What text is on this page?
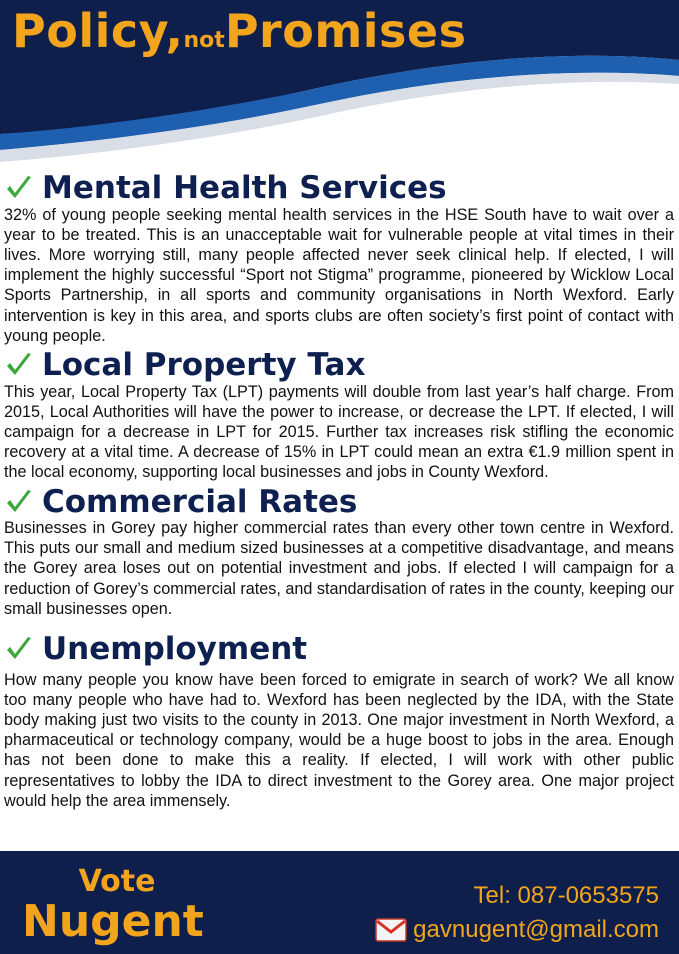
Policy,notPromises
Mental Health Services

32% of young people seeking mental health services in the HSE South have to wait over a year to be treated. This is an unacceptable wait for vulnerable people at vital times in their lives. More worrying still, many people affected never seek clinical help. If elected, I will implement the highly successful “Sport not Stigma” programme, pioneered by Wicklow Local Sports Partnership, in all sports and community organisations in North Wexford. Early intervention is key in this area, and sports clubs are often society’s first point of contact with young people.

Local Property Tax

This year, Local Property Tax (LPT) payments will double from last year’s half charge. From 2015, Local Authorities will have the power to increase, or decrease the LPT. If elected, I will campaign for a decrease in LPT for 2015. Further tax increases risk stifling the economic recovery at a vital time. A decrease of 15% in LPT could mean an extra €1.9 million spent in the local economy, supporting local businesses and jobs in County Wexford.

Commercial Rates

Businesses in Gorey pay higher commercial rates than every other town centre in Wexford. This puts our small and medium sized businesses at a competitive disadvantage, and means the Gorey area loses out on potential investment and jobs. If elected I will campaign for a reduction of Gorey’s commercial rates, and standardisation of rates in the county, keeping our small businesses open.

Unemployment

How many people you know have been forced to emigrate in search of work? We all know too many people who have had to. Wexford has been neglected by the IDA, with the State body making just two visits to the county in 2013. One major investment in North Wexford, a pharmaceutical or technology company, would be a huge boost to jobs in the area. Enough has not been done to make this a reality. If elected, I will work with other public representatives to lobby the IDA to direct investment to the Gorey area. One major project would help the area immensely.

Vote
Nugent
Tel: 087-0653575
gavnugent@gmail.com
